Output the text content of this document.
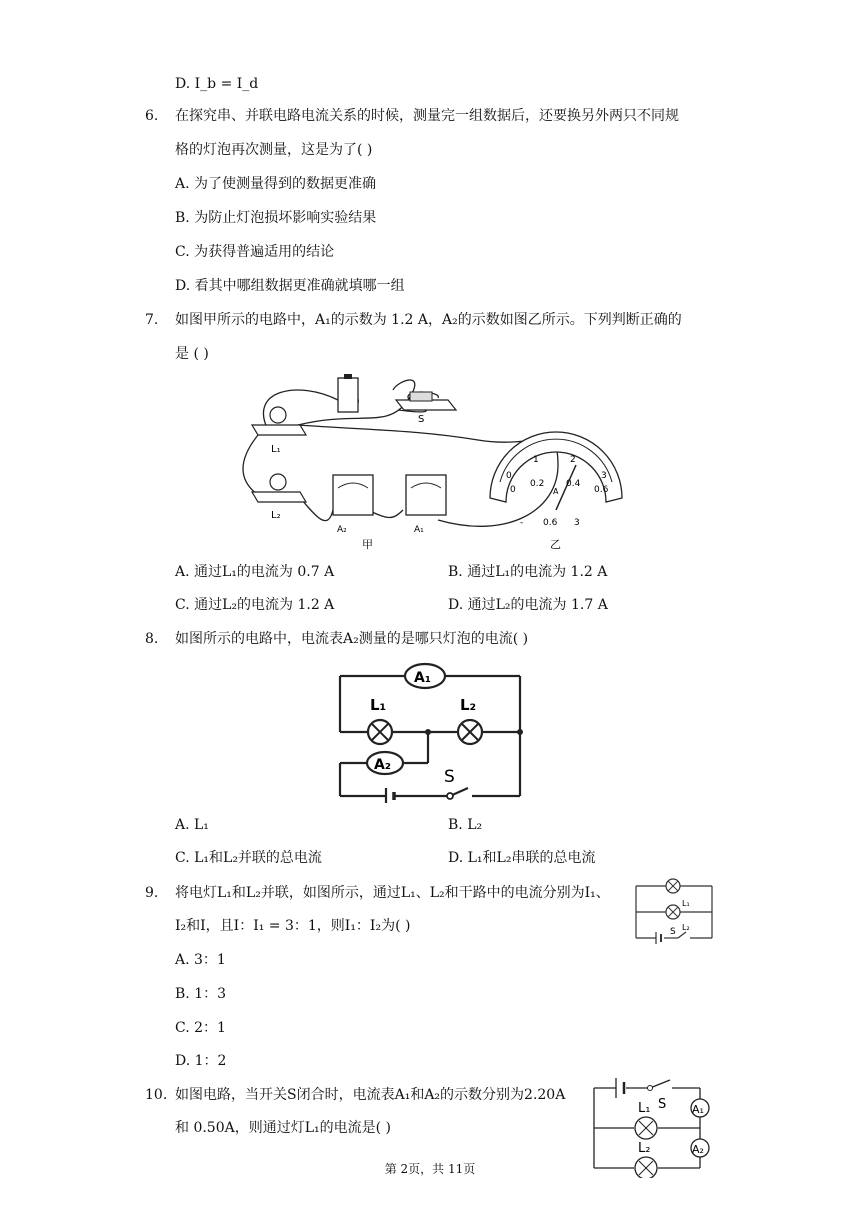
D. I_b = I_d
6. 在探究串、并联电路电流关系的时候，测量完一组数据后，还要换另外两只不同规
格的灯泡再次测量，这是为了( )
A. 为了使测量得到的数据更准确
B. 为防止灯泡损坏影响实验结果
C. 为获得普遍适用的结论
D. 看其中哪组数据更准确就填哪一组
7. 如图甲所示的电路中，A₁的示数为 1.2 A，A₂的示数如图乙所示。下列判断正确的
是 ( )
S
L₁
L₂
A₂	A₁
甲
0
1	2
3
0
0.2 0.4
0.6
A
- 0.6 3
乙
A. 通过L₁的电流为 0.7 A	B. 通过L₁的电流为 1.2 A
C. 通过L₂的电流为 1.2 A	D. 通过L₂的电流为 1.7 A
8. 如图所示的电路中，电流表A₂测量的是哪只灯泡的电流( )
A₁
L₁	L₂
A₂
S
A. L₁	B. L₂
C. L₁和L₂并联的总电流	D. L₁和L₂串联的总电流
9. 将电灯L₁和L₂并联，如图所示，通过L₁、L₂和干路中的电流分别为I₁、
I₂和I，且I：I₁ = 3：1，则I₁：I₂为( )
L₁
L₂
S
A. 3：1
B. 1：3
C. 2：1
D. 1：2
10. 如图电路，当开关S闭合时，电流表A₁和A₂的示数分别为2.20A
和 0.50A，则通过灯L₁的电流是( )
S
L₁
L₂
A₁
A₂
第 2页，共 11页
